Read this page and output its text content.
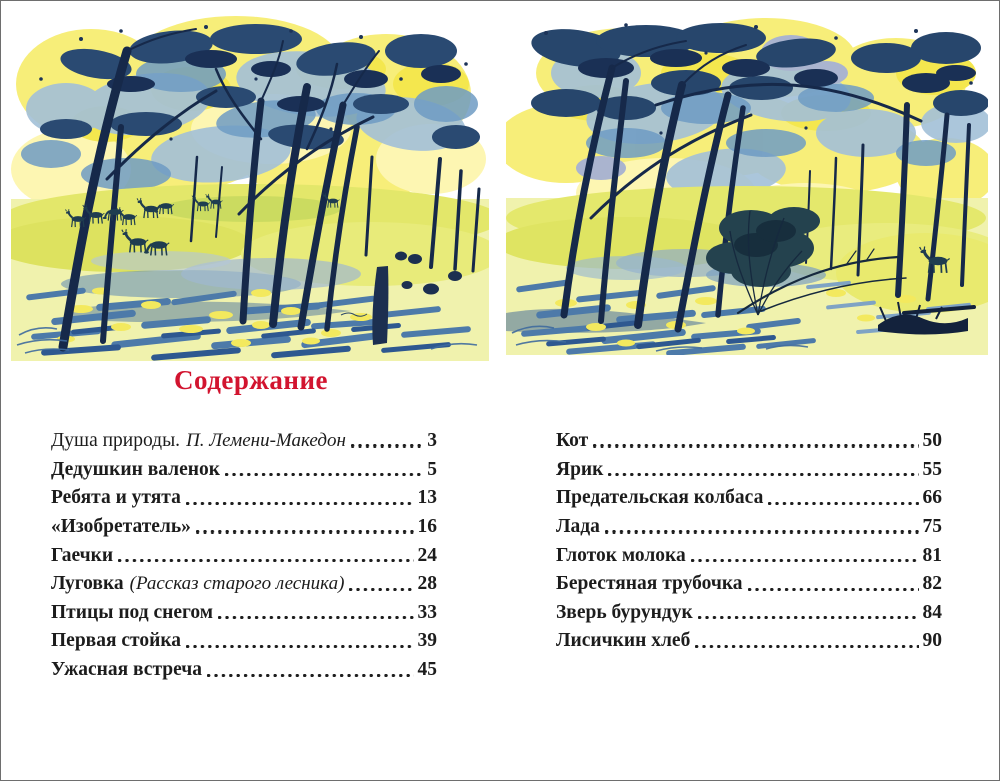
Содержание
Душа природы. П. Лемени-Македон	3
Дедушкин валенок	5
Ребята и утята	13
«Изобретатель»	16
Гаечки	24
Луговка (Рассказ старого лесника)	28
Птицы под снегом	33
Первая стойка	39
Ужасная встреча	45
Кот	50
Ярик	55
Предательская колбаса	66
Лада	75
Глоток молока	81
Берестяная трубочка	82
Зверь бурундук	84
Лисичкин хлеб	90
